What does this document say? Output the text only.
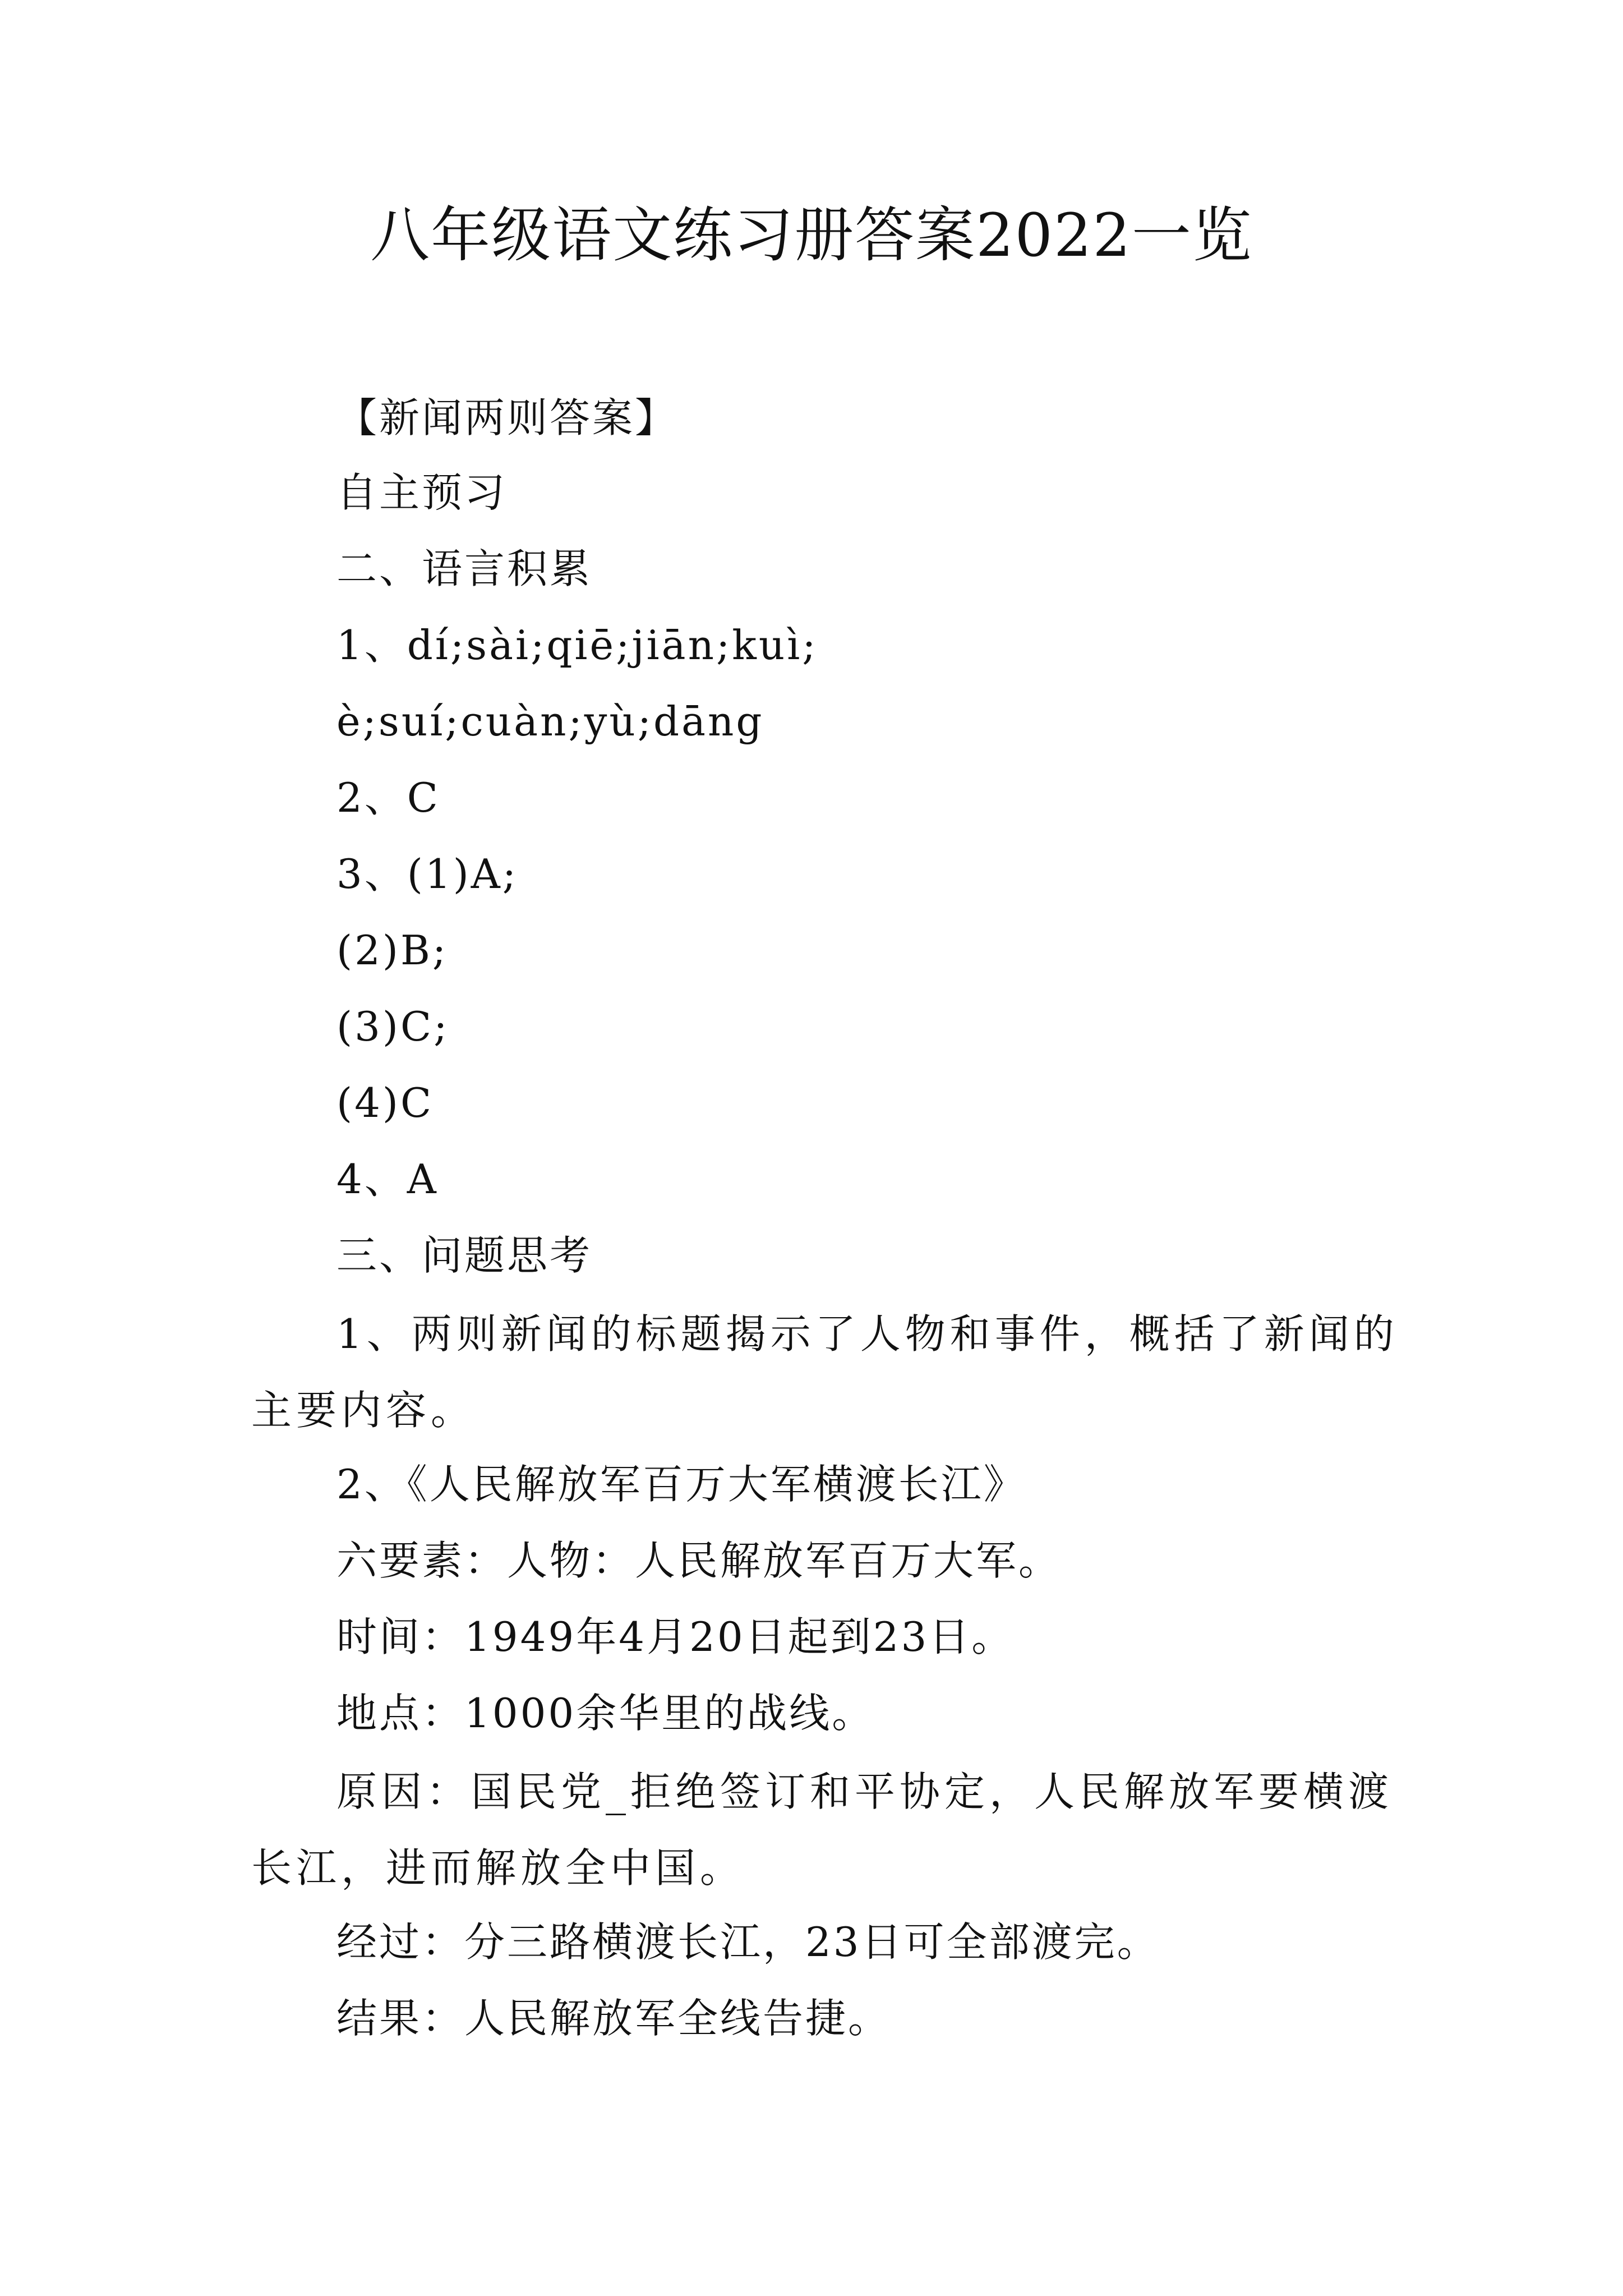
八年级语文练习册答案2022一览
【新闻两则答案】
自主预习
二、语言积累
1、dí;sài;qiē;jiān;kuì;
è;suí;cuàn;yù;dāng
2、C
3、(1)A;
(2)B;
(3)C;
(4)C
4、A
三、问题思考
1、两则新闻的标题揭示了人物和事件，概括了新闻的主要内容。
2、《人民解放军百万大军横渡长江》
六要素：人物：人民解放军百万大军。
时间：1949年4月20日起到23日。
地点：1000余华里的战线。
原因：国民党_拒绝签订和平协定，人民解放军要横渡长江，进而解放全中国。
经过：分三路横渡长江，23日可全部渡完。
结果：人民解放军全线告捷。
